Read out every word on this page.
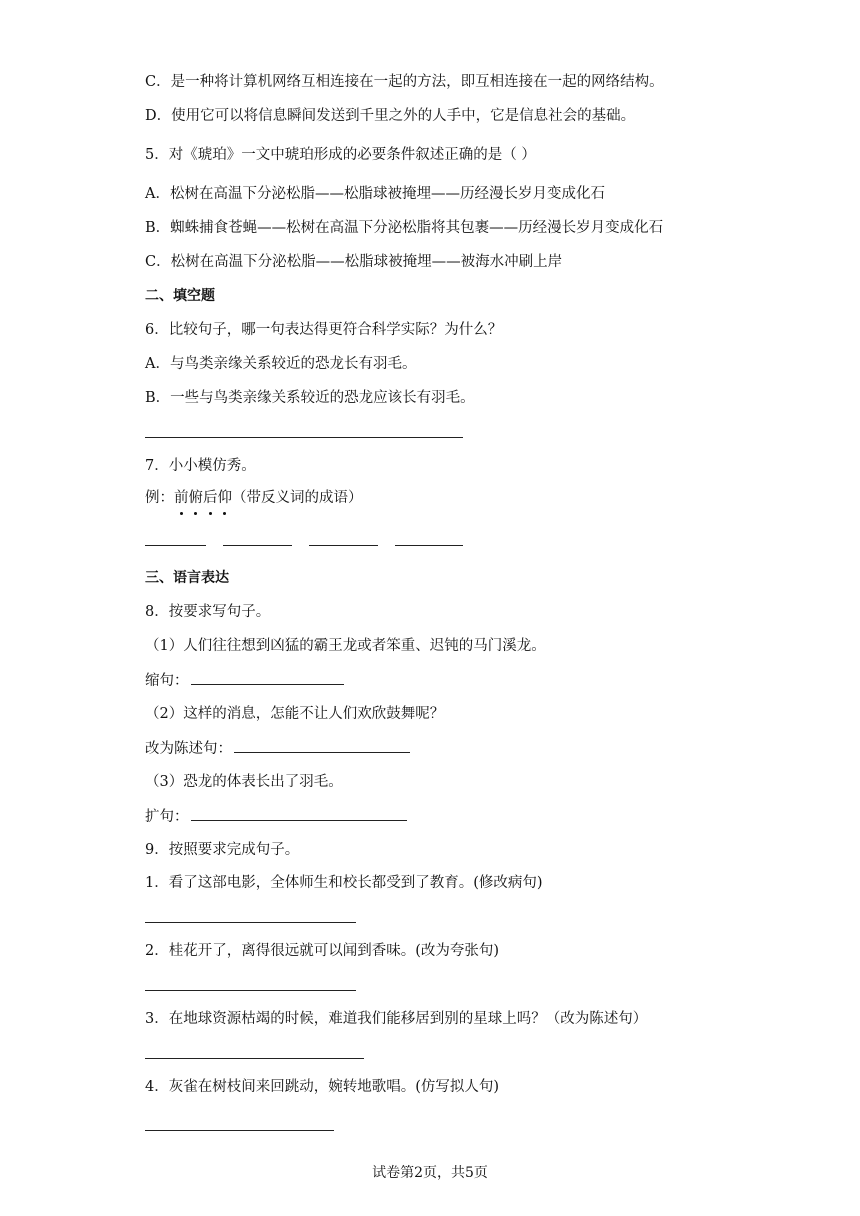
C．是一种将计算机网络互相连接在一起的方法，即互相连接在一起的网络结构。
D．使用它可以将信息瞬间发送到千里之外的人手中，它是信息社会的基础。
5．对《琥珀》一文中琥珀形成的必要条件叙述正确的是（ ）
A．松树在高温下分泌松脂——松脂球被掩埋——历经漫长岁月变成化石
B．蜘蛛捕食苍蝇——松树在高温下分泌松脂将其包裹——历经漫长岁月变成化石
C．松树在高温下分泌松脂——松脂球被掩埋——被海水冲刷上岸
二、填空题
6．比较句子，哪一句表达得更符合科学实际？为什么？
A．与鸟类亲缘关系较近的恐龙长有羽毛。
B．一些与鸟类亲缘关系较近的恐龙应该长有羽毛。
7．小小模仿秀。
例：前俯后仰（带反义词的成语）
三、语言表达
8．按要求写句子。
（1）人们往往想到凶猛的霸王龙或者笨重、迟钝的马门溪龙。
缩句：
（2）这样的消息，怎能不让人们欢欣鼓舞呢？
改为陈述句：
（3）恐龙的体表长出了羽毛。
扩句：
9．按照要求完成句子。
1．看了这部电影，全体师生和校长都受到了教育。(修改病句)
2．桂花开了，离得很远就可以闻到香味。(改为夸张句)
3．在地球资源枯竭的时候，难道我们能移居到别的星球上吗？（改为陈述句）
4．灰雀在树枝间来回跳动，婉转地歌唱。(仿写拟人句)
试卷第2页，共5页
